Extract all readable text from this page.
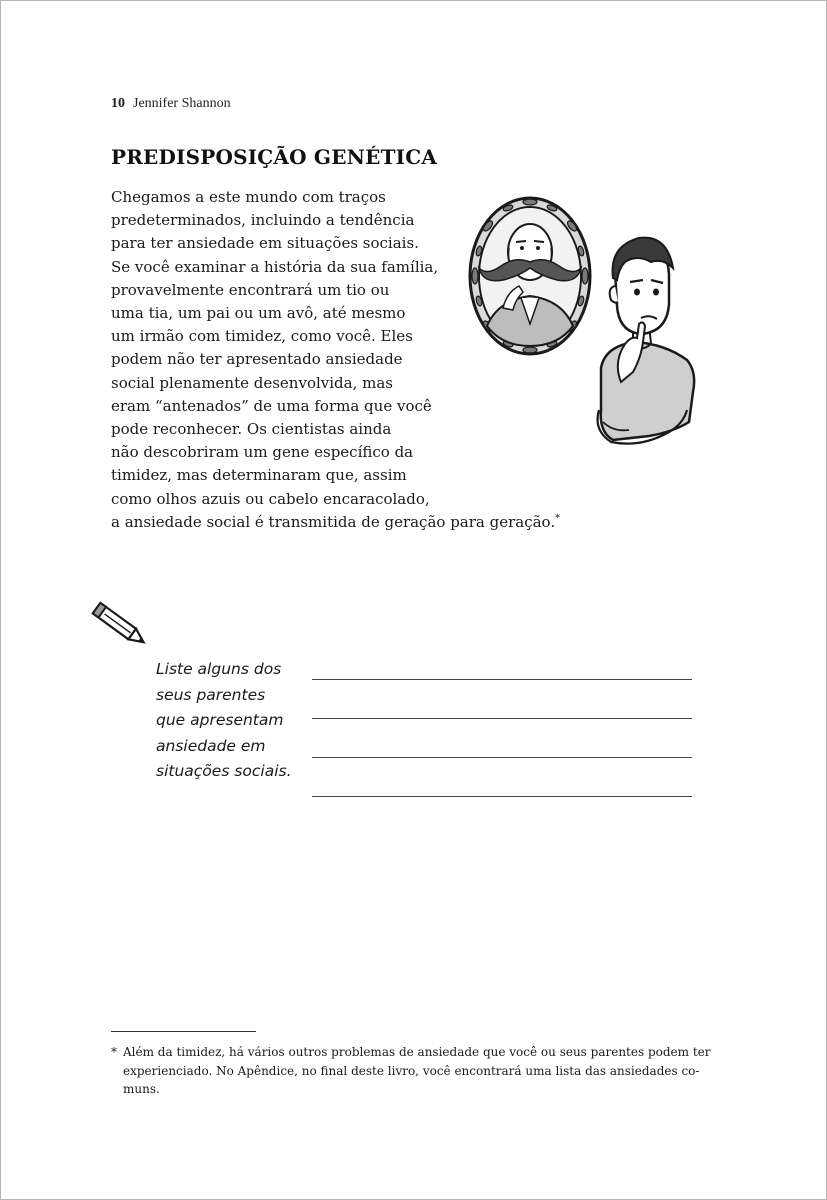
10 Jennifer Shannon
PREDISPOSIÇÃO GENÉTICA

Chegamos a este mundo com traços
predeterminados, incluindo a tendência
para ter ansiedade em situações sociais.
Se você examinar a história da sua família,
provavelmente encontrará um tio ou
uma tia, um pai ou um avô, até mesmo
um irmão com timidez, como você. Eles
podem não ter apresentado ansiedade
social plenamente desenvolvida, mas
eram “antenados” de uma forma que você
pode reconhecer. Os cientistas ainda
não descobriram um gene específico da
timidez, mas determinaram que, assim
como olhos azuis ou cabelo encaracolado,
a ansiedade social é transmitida de geração para geração.*

Liste alguns dos
seus parentes
que apresentam
ansiedade em
situações sociais.

* Além da timidez, há vários outros problemas de ansiedade que você ou seus parentes podem ter
experienciado. No Apêndice, no final deste livro, você encontrará uma lista das ansiedades co-
muns.
